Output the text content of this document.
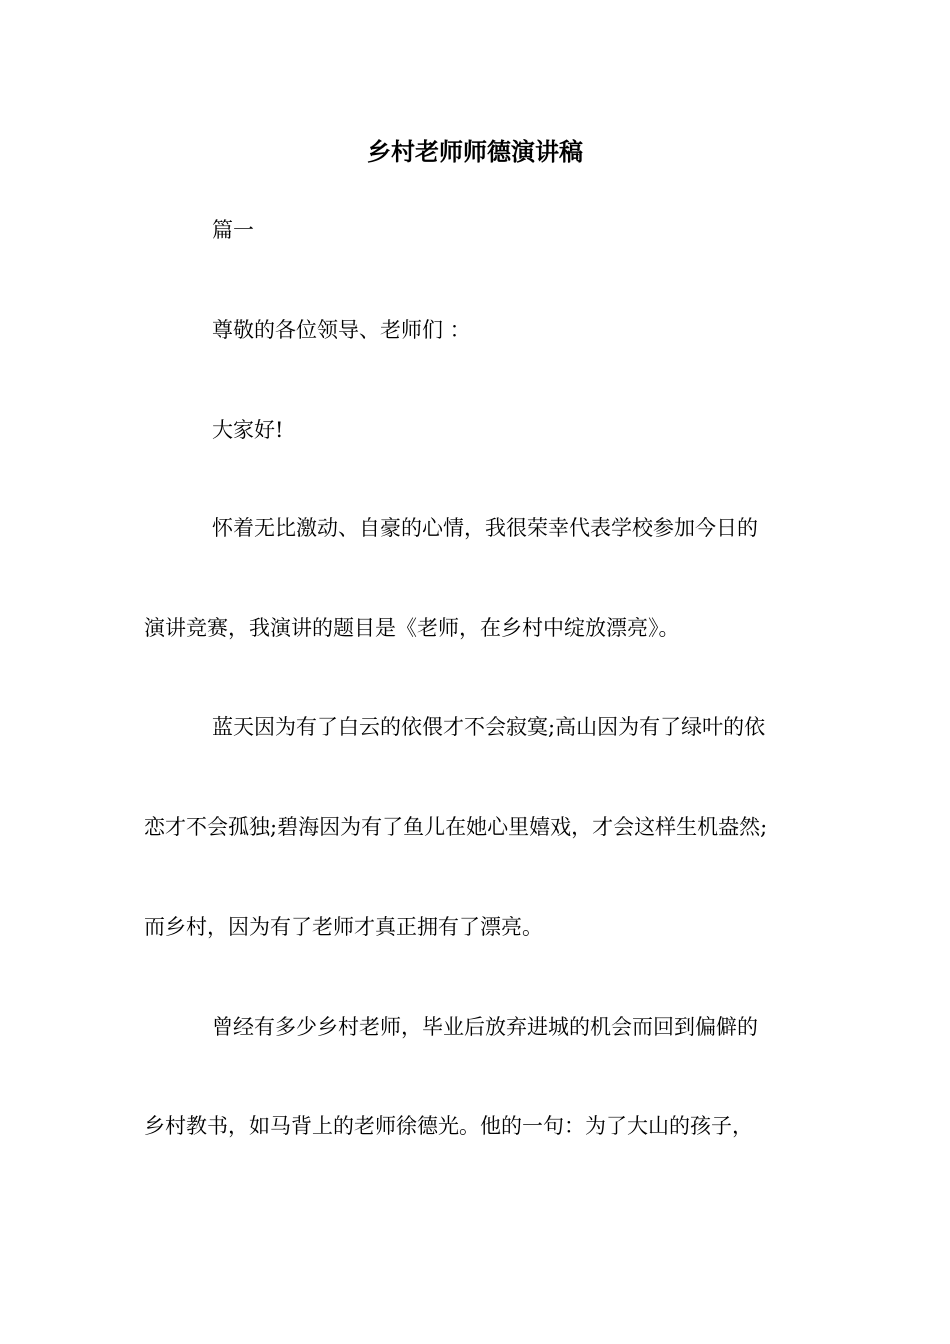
乡村老师师德演讲稿
篇一
尊敬的各位领导、老师们 ：
大家好!
怀着无比激动、自豪的心情，我很荣幸代表学校参加今日的
演讲竞赛，我演讲的题目是《老师，在乡村中绽放漂亮》。
蓝天因为有了白云的依偎才不会寂寞;高山因为有了绿叶的依
恋才不会孤独;碧海因为有了鱼儿在她心里嬉戏，才会这样生机盎然;
而乡村，因为有了老师才真正拥有了漂亮。
曾经有多少乡村老师，毕业后放弃进城的机会而回到偏僻的
乡村教书，如马背上的老师徐德光。他的一句：为了大山的孩子，
